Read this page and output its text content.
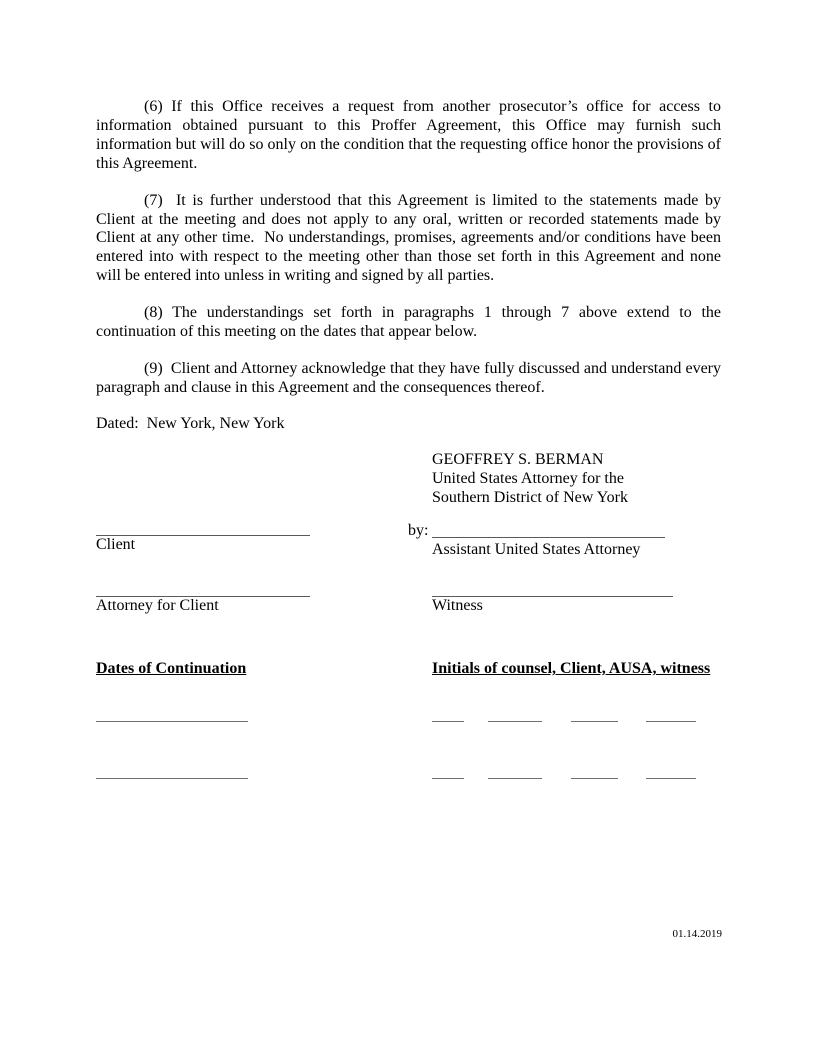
(6) If this Office receives a request from another prosecutor’s office for access to information obtained pursuant to this Proffer Agreement, this Office may furnish such information but will do so only on the condition that the requesting office honor the provisions of this Agreement.

(7)  It is further understood that this Agreement is limited to the statements made by Client at the meeting and does not apply to any oral, written or recorded statements made by Client at any other time.  No understandings, promises, agreements and/or conditions have been entered into with respect to the meeting other than those set forth in this Agreement and none will be entered into unless in writing and signed by all parties.

(8) The understandings set forth in paragraphs 1 through 7 above extend to the continuation of this meeting on the dates that appear below.

(9)  Client and Attorney acknowledge that they have fully discussed and understand every paragraph and clause in this Agreement and the consequences thereof.

Dated:  New York, New York
GEOFFREY S. BERMAN
United States Attorney for the
Southern District of New York
Client
by:
Assistant United States Attorney
Attorney for Client	Witness
Dates of Continuation	Initials of counsel, Client, AUSA, witness
01.14.2019
